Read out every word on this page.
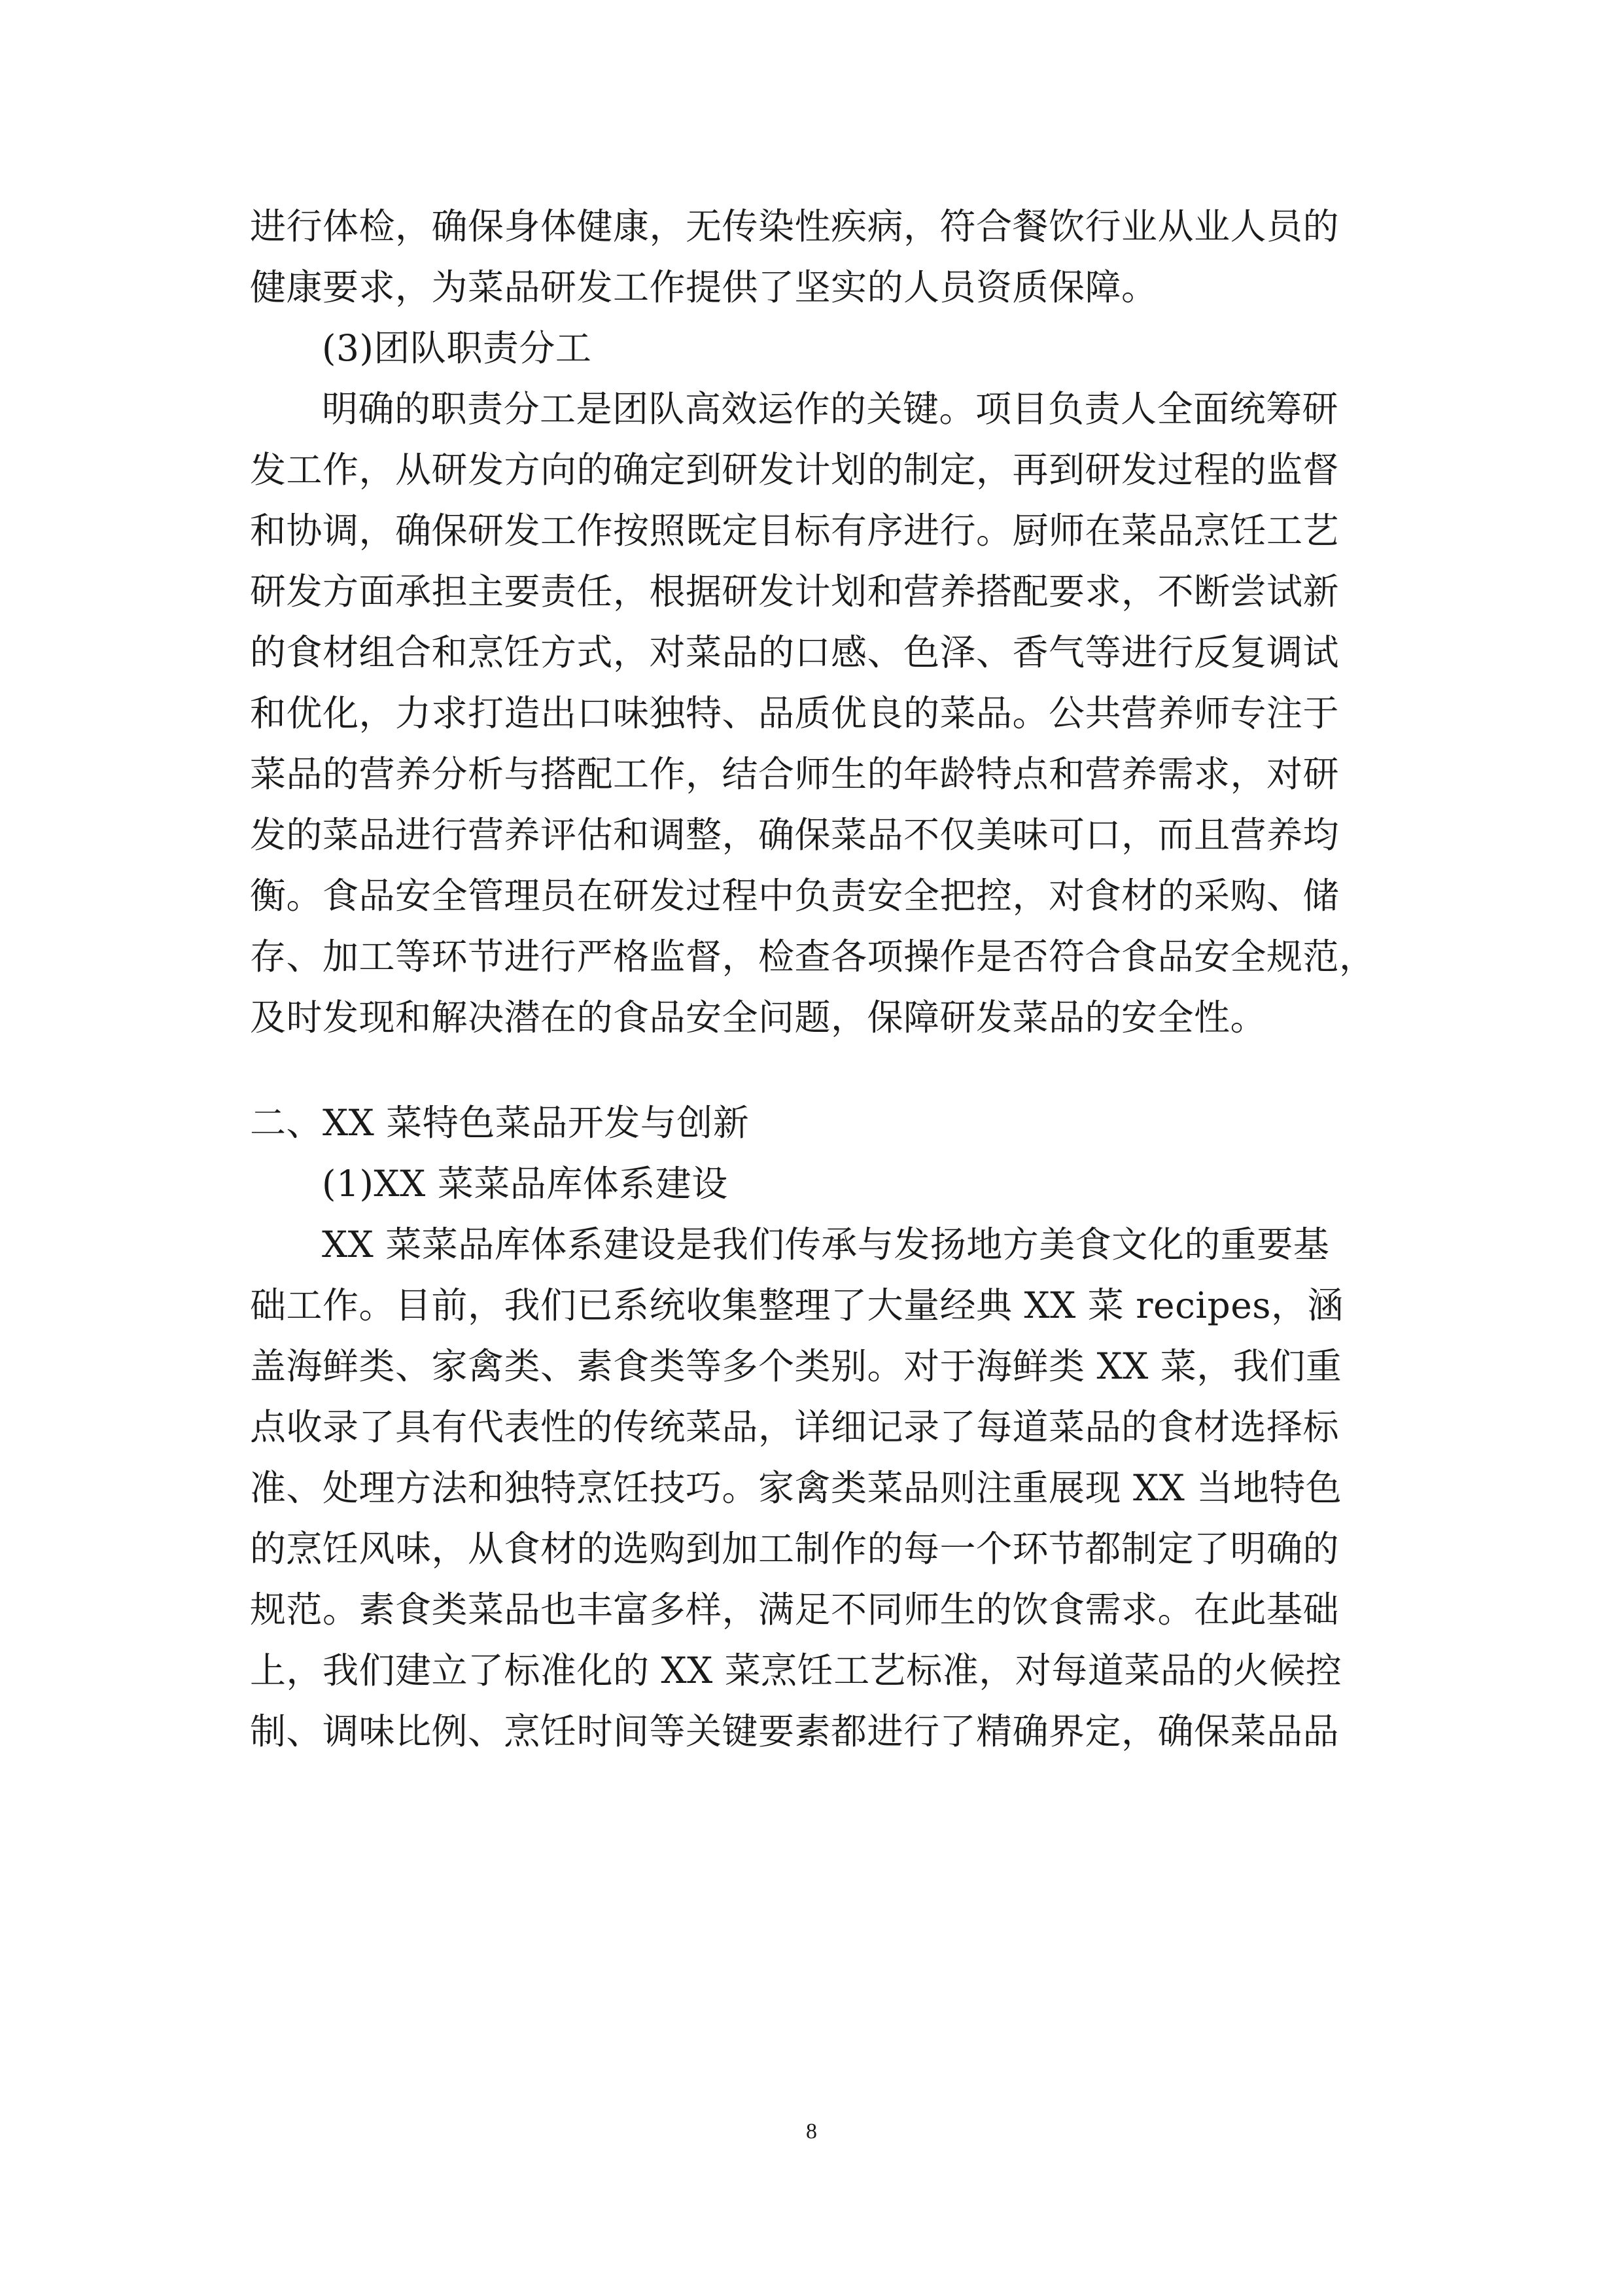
进行体检，确保身体健康，无传染性疾病，符合餐饮行业从业人员的
健康要求，为菜品研发工作提供了坚实的人员资质保障。
(3)团队职责分工
明确的职责分工是团队高效运作的关键。项目负责人全面统筹研
发工作，从研发方向的确定到研发计划的制定，再到研发过程的监督
和协调，确保研发工作按照既定目标有序进行。厨师在菜品烹饪工艺
研发方面承担主要责任，根据研发计划和营养搭配要求，不断尝试新
的食材组合和烹饪方式，对菜品的口感、色泽、香气等进行反复调试
和优化，力求打造出口味独特、品质优良的菜品。公共营养师专注于
菜品的营养分析与搭配工作，结合师生的年龄特点和营养需求，对研
发的菜品进行营养评估和调整，确保菜品不仅美味可口，而且营养均
衡。食品安全管理员在研发过程中负责安全把控，对食材的采购、储
存、加工等环节进行严格监督，检查各项操作是否符合食品安全规范，
及时发现和解决潜在的食品安全问题，保障研发菜品的安全性。
二、XX 菜特色菜品开发与创新
(1)XX 菜菜品库体系建设
XX 菜菜品库体系建设是我们传承与发扬地方美食文化的重要基
础工作。目前，我们已系统收集整理了大量经典 XX 菜 recipes，涵
盖海鲜类、家禽类、素食类等多个类别。对于海鲜类 XX 菜，我们重
点收录了具有代表性的传统菜品，详细记录了每道菜品的食材选择标
准、处理方法和独特烹饪技巧。家禽类菜品则注重展现 XX 当地特色
的烹饪风味，从食材的选购到加工制作的每一个环节都制定了明确的
规范。素食类菜品也丰富多样，满足不同师生的饮食需求。在此基础
上，我们建立了标准化的 XX 菜烹饪工艺标准，对每道菜品的火候控
制、调味比例、烹饪时间等关键要素都进行了精确界定，确保菜品品
8
